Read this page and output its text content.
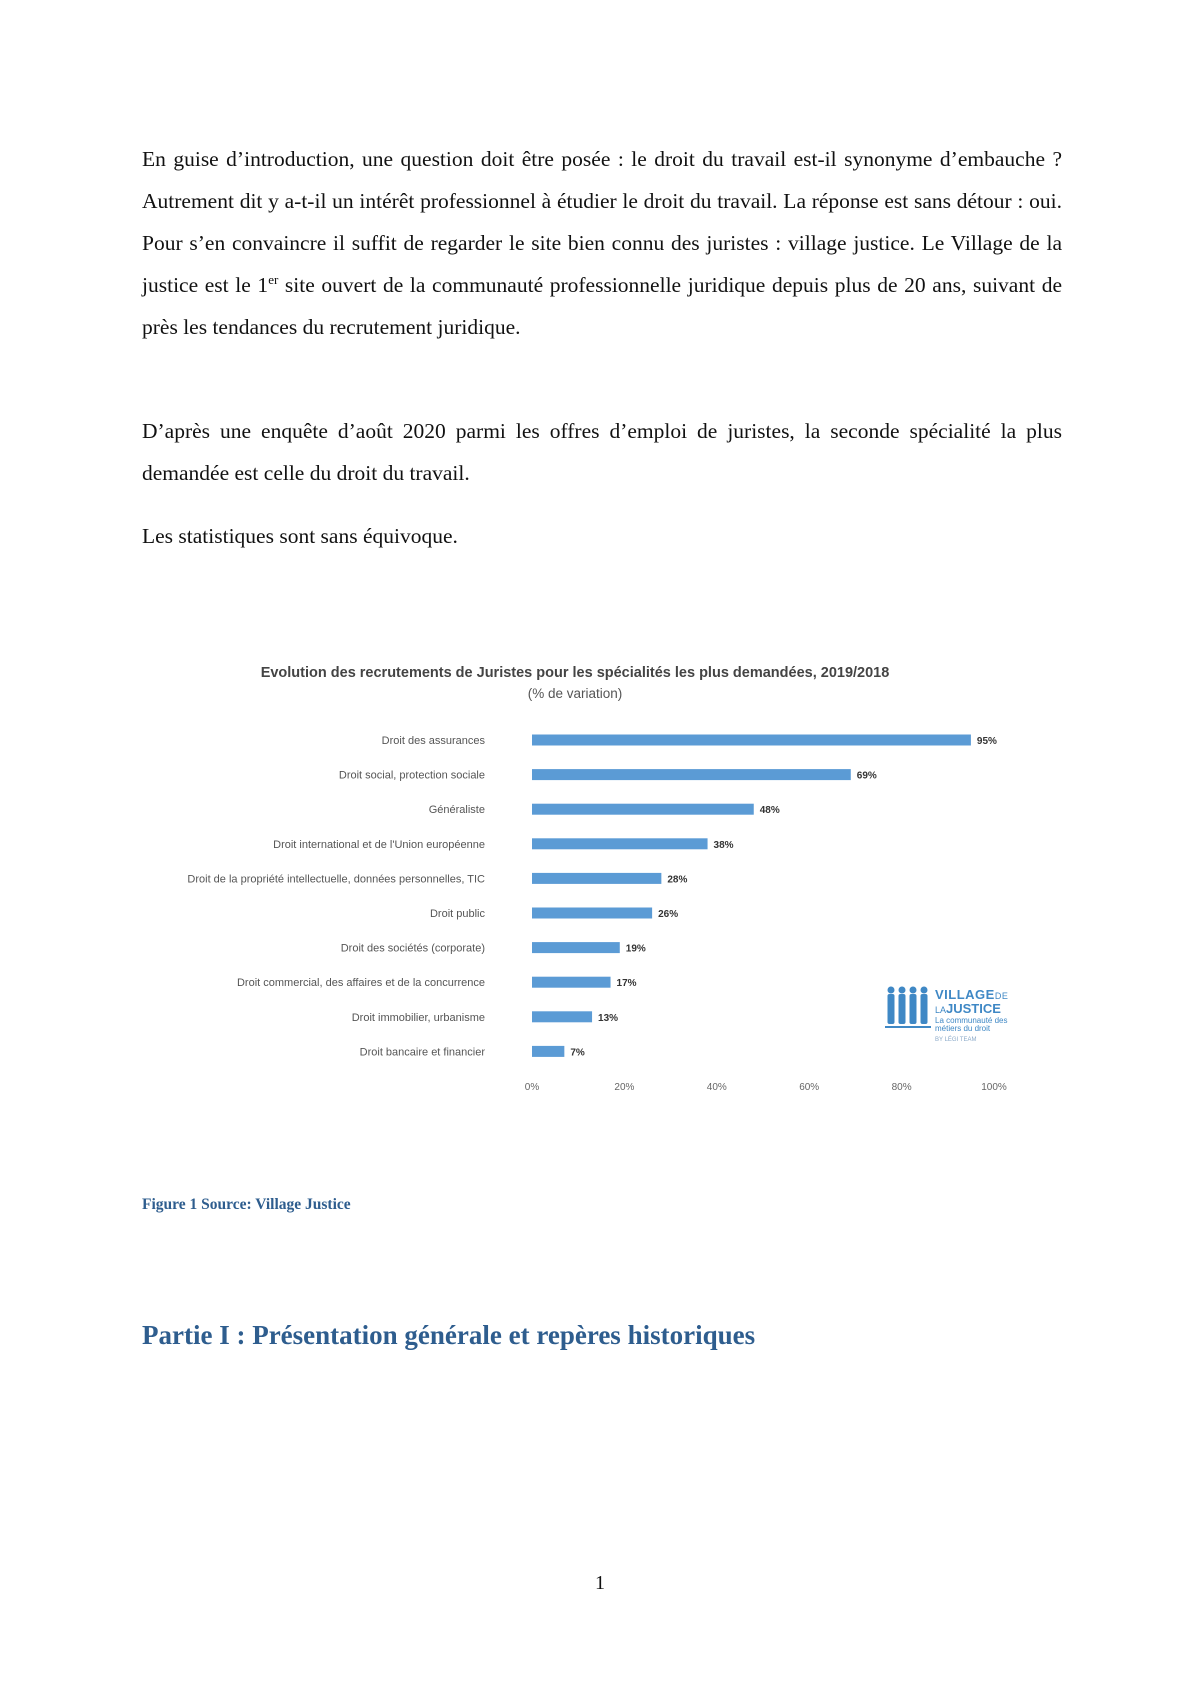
En guise d’introduction, une question doit être posée : le droit du travail est-il synonyme d’embauche ? Autrement dit y a-t-il un intérêt professionnel à étudier le droit du travail. La réponse est sans détour : oui. Pour s’en convaincre il suffit de regarder le site bien connu des juristes : village justice. Le Village de la justice est le 1er site ouvert de la communauté professionnelle juridique depuis plus de 20 ans, suivant de près les tendances du recrutement juridique.

D’après une enquête d’août 2020 parmi les offres d’emploi de juristes, la seconde spécialité la plus demandée est celle du droit du travail.

Les statistiques sont sans équivoque.

Evolution des recrutements de Juristes pour les spécialités les plus demandées, 2019/2018
(% de variation)
Droit des assurances	95%
Droit social, protection sociale	69%
Généraliste	48%
Droit international et de l'Union européenne	38%
Droit de la propriété intellectuelle, données personnelles, TIC	28%
Droit public	26%
Droit des sociétés (corporate)	19%
Droit commercial, des affaires et de la concurrence	17%
Droit immobilier, urbanisme	13%
Droit bancaire et financier	7%
0%	20%	40%	60%	80%	100%
VILLAGEDE
LAJUSTICE
La communauté des métiers du droit
BY LÉGI TEAM
Figure 1 Source: Village Justice
Partie I : Présentation générale et repères historiques
1
